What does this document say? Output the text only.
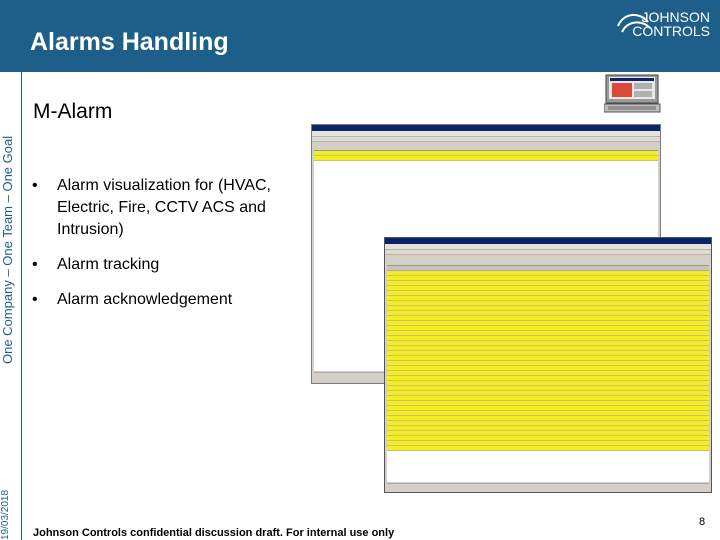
Alarms Handling
JOHNSON
CONTROLS
One Company – One Team – One Goal
19/03/2018
M-Alarm
• Alarm visualization for (HVAC, Electric, Fire, CCTV ACS and Intrusion)
• Alarm tracking
• Alarm acknowledgement
Johnson Controls confidential discussion draft. For internal use only
8
